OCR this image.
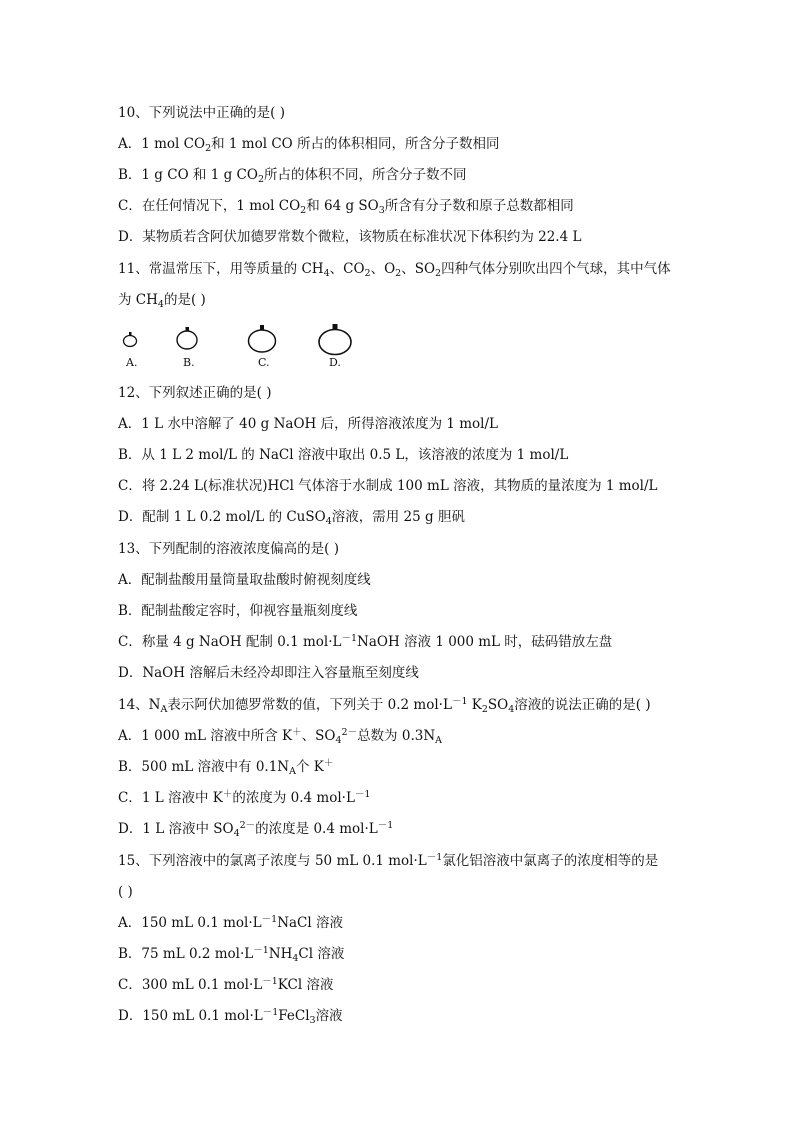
10、下列说法中正确的是( )
A．1 mol $CO_2$和 1 mol CO 所占的体积相同，所含分子数相同
B．1 g CO 和 1 g $CO_2$所占的体积不同，所含分子数不同
C．在任何情况下，1 mol $CO_2$和 64 g $SO_3$所含有分子数和原子总数都相同
D．某物质若含阿伏加德罗常数个微粒，该物质在标准状况下体积约为 22.4 L
11、常温常压下，用等质量的 $CH_4$、$CO_2$、$O_2$、$SO_2$四种气体分别吹出四个气球，其中气体
为 $CH_4$的是( )
A.	B.	C.	D.
12、下列叙述正确的是( )
A．1 L 水中溶解了 40 g NaOH 后，所得溶液浓度为 1 mol/L
B．从 1 L 2 mol/L 的 NaCl 溶液中取出 0.5 L，该溶液的浓度为 1 mol/L
C．将 2.24 L(标准状况)HCl 气体溶于水制成 100 mL 溶液，其物质的量浓度为 1 mol/L
D．配制 1 L 0.2 mol/L 的 CuSO$_4$溶液，需用 25 g 胆矾
13、下列配制的溶液浓度偏高的是( )
A．配制盐酸用量筒量取盐酸时俯视刻度线
B．配制盐酸定容时，仰视容量瓶刻度线
C．称量 4 g NaOH 配制 0.1 $mol\cdot L^{-1}NaOH$ 溶液 1 000 mL 时，砝码错放左盘
D．NaOH 溶解后未经冷却即注入容量瓶至刻度线
14、$N_A$表示阿伏加德罗常数的值，下列关于 0.2 $mol\cdot L^{-1}$ $K_2SO_4$溶液的说法正确的是( )
A．1 000 mL 溶液中所含 K＋、$SO_4^{2-}$总数为 $0.3N_A$
B．500 mL 溶液中有 $0.1N_A$个 K＋
C．1 L 溶液中 K＋的浓度为 0.4 $mol\cdot L^{-1}$
D．1 L 溶液中 $SO_4^{2-}$的浓度是 0.4 $mol\cdot L^{-1}$
15、下列溶液中的氯离子浓度与 50 mL 0.1 $mol\cdot L^{-1}$氯化铝溶液中氯离子的浓度相等的是
( )
A．150 mL 0.1 $mol\cdot L^{-1}NaCl$ 溶液
B．75 mL 0.2 $mol\cdot L^{-1}NH_4Cl$ 溶液
C．300 mL 0.1 $mol\cdot L^{-1}KCl$ 溶液
D．150 mL 0.1 $mol\cdot L^{-1}FeCl_3$溶液
